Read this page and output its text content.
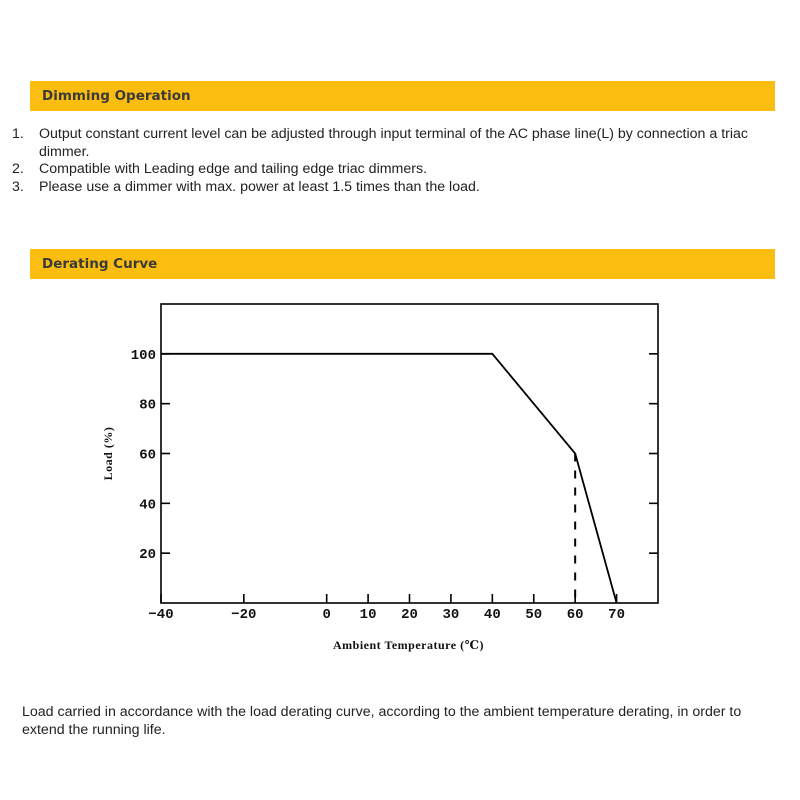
Dimming Operation
1.	Output constant current level can be adjusted through input terminal of the AC phase line(L) by connection a triac dimmer.
2.	Compatible with Leading edge and tailing edge triac dimmers.
3.	Please use a dimmer with max. power at least 1.5 times than the load.
Derating Curve
20
40
60
80
100
−40	−20	0 10 20 30 40 50 60 70
Load (%)
Ambient Temperature (℃)

Load carried in accordance with the load derating curve, according to the ambient temperature derating, in order to extend the running life.
